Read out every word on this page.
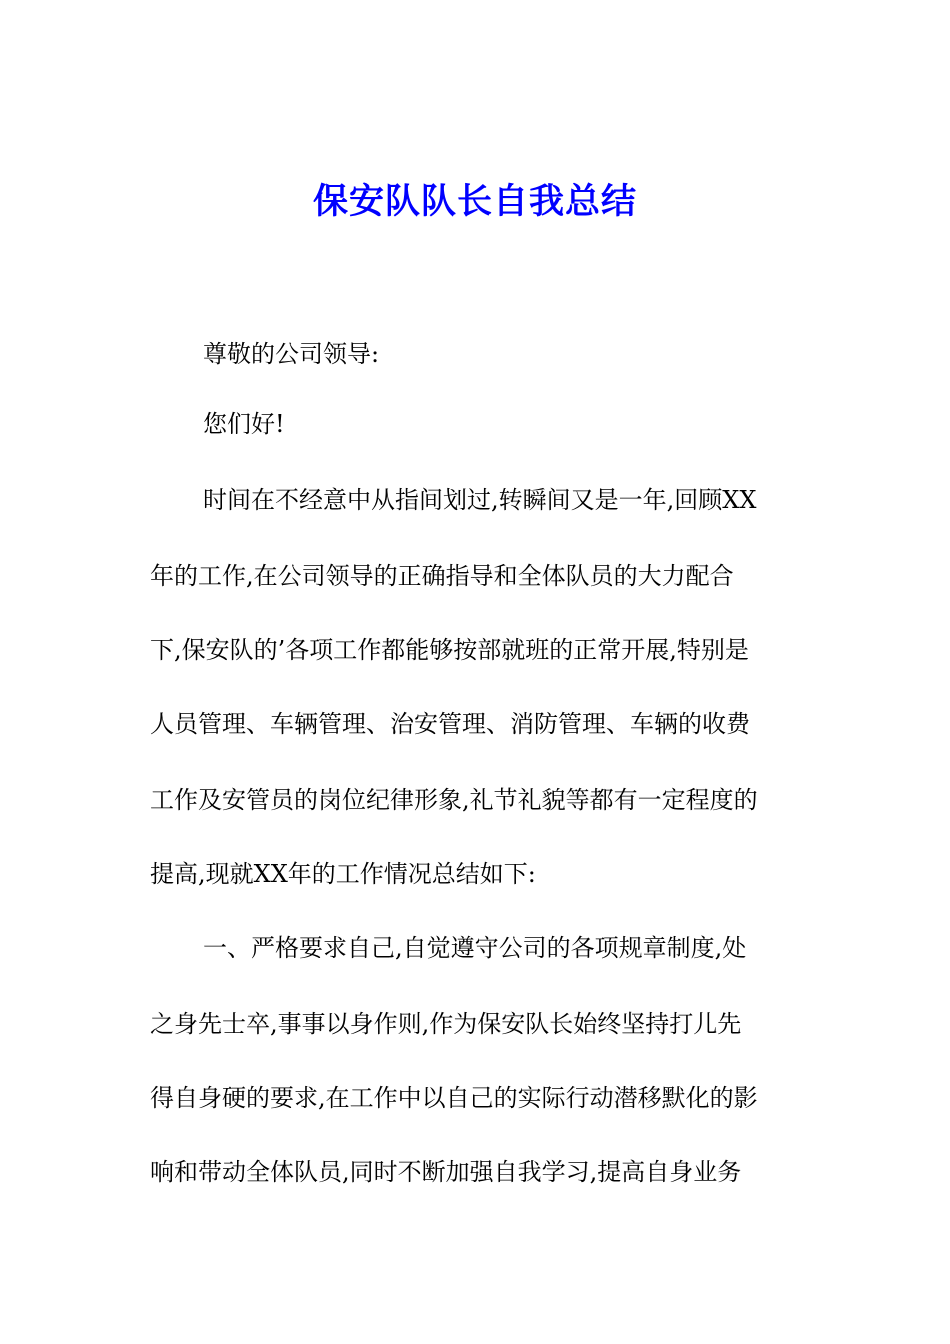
保安队队长自我总结

尊敬的公司领导:

您们好!

时间在不经意中从指间划过,转瞬间又是一年,回顾XX

年的工作,在公司领导的正确指导和全体队员的大力配合

下,保安队的’各项工作都能够按部就班的正常开展,特别是

人员管理、车辆管理、治安管理、消防管理、车辆的收费

工作及安管员的岗位纪律形象,礼节礼貌等都有一定程度的

提高,现就XX年的工作情况总结如下:

一、严格要求自己,自觉遵守公司的各项规章制度,处

之身先士卒,事事以身作则,作为保安队长始终坚持打儿先

得自身硬的要求,在工作中以自己的实际行动潜移默化的影

响和带动全体队员,同时不断加强自我学习,提高自身业务
